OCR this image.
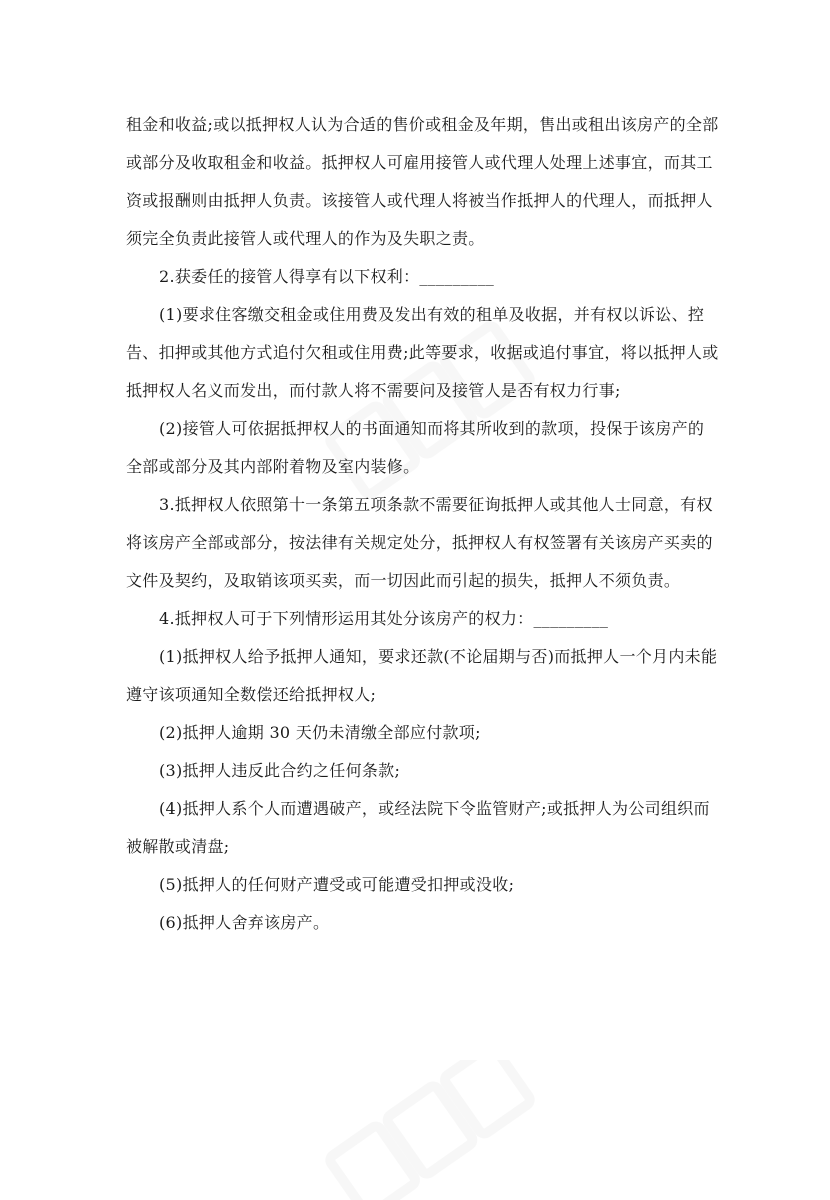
租金和收益;或以抵押权人认为合适的售价或租金及年期，售出或租出该房产的全部或部分及收取租金和收益。抵押权人可雇用接管人或代理人处理上述事宜，而其工资或报酬则由抵押人负责。该接管人或代理人将被当作抵押人的代理人，而抵押人须完全负责此接管人或代理人的作为及失职之责。

2.获委任的接管人得享有以下权利：_________

(1)要求住客缴交租金或住用费及发出有效的租单及收据，并有权以诉讼、控告、扣押或其他方式追付欠租或住用费;此等要求，收据或追付事宜，将以抵押人或抵押权人名义而发出，而付款人将不需要问及接管人是否有权力行事;

(2)接管人可依据抵押权人的书面通知而将其所收到的款项，投保于该房产的全部或部分及其内部附着物及室内装修。

3.抵押权人依照第十一条第五项条款不需要征询抵押人或其他人士同意，有权将该房产全部或部分，按法律有关规定处分，抵押权人有权签署有关该房产买卖的文件及契约，及取销该项买卖，而一切因此而引起的损失，抵押人不须负责。

4.抵押权人可于下列情形运用其处分该房产的权力：_________

(1)抵押权人给予抵押人通知，要求还款(不论届期与否)而抵押人一个月内未能遵守该项通知全数偿还给抵押权人;

(2)抵押人逾期 30 天仍未清缴全部应付款项;

(3)抵押人违反此合约之任何条款;

(4)抵押人系个人而遭遇破产，或经法院下令监管财产;或抵押人为公司组织而被解散或清盘;

(5)抵押人的任何财产遭受或可能遭受扣押或没收;

(6)抵押人舍弃该房产。
